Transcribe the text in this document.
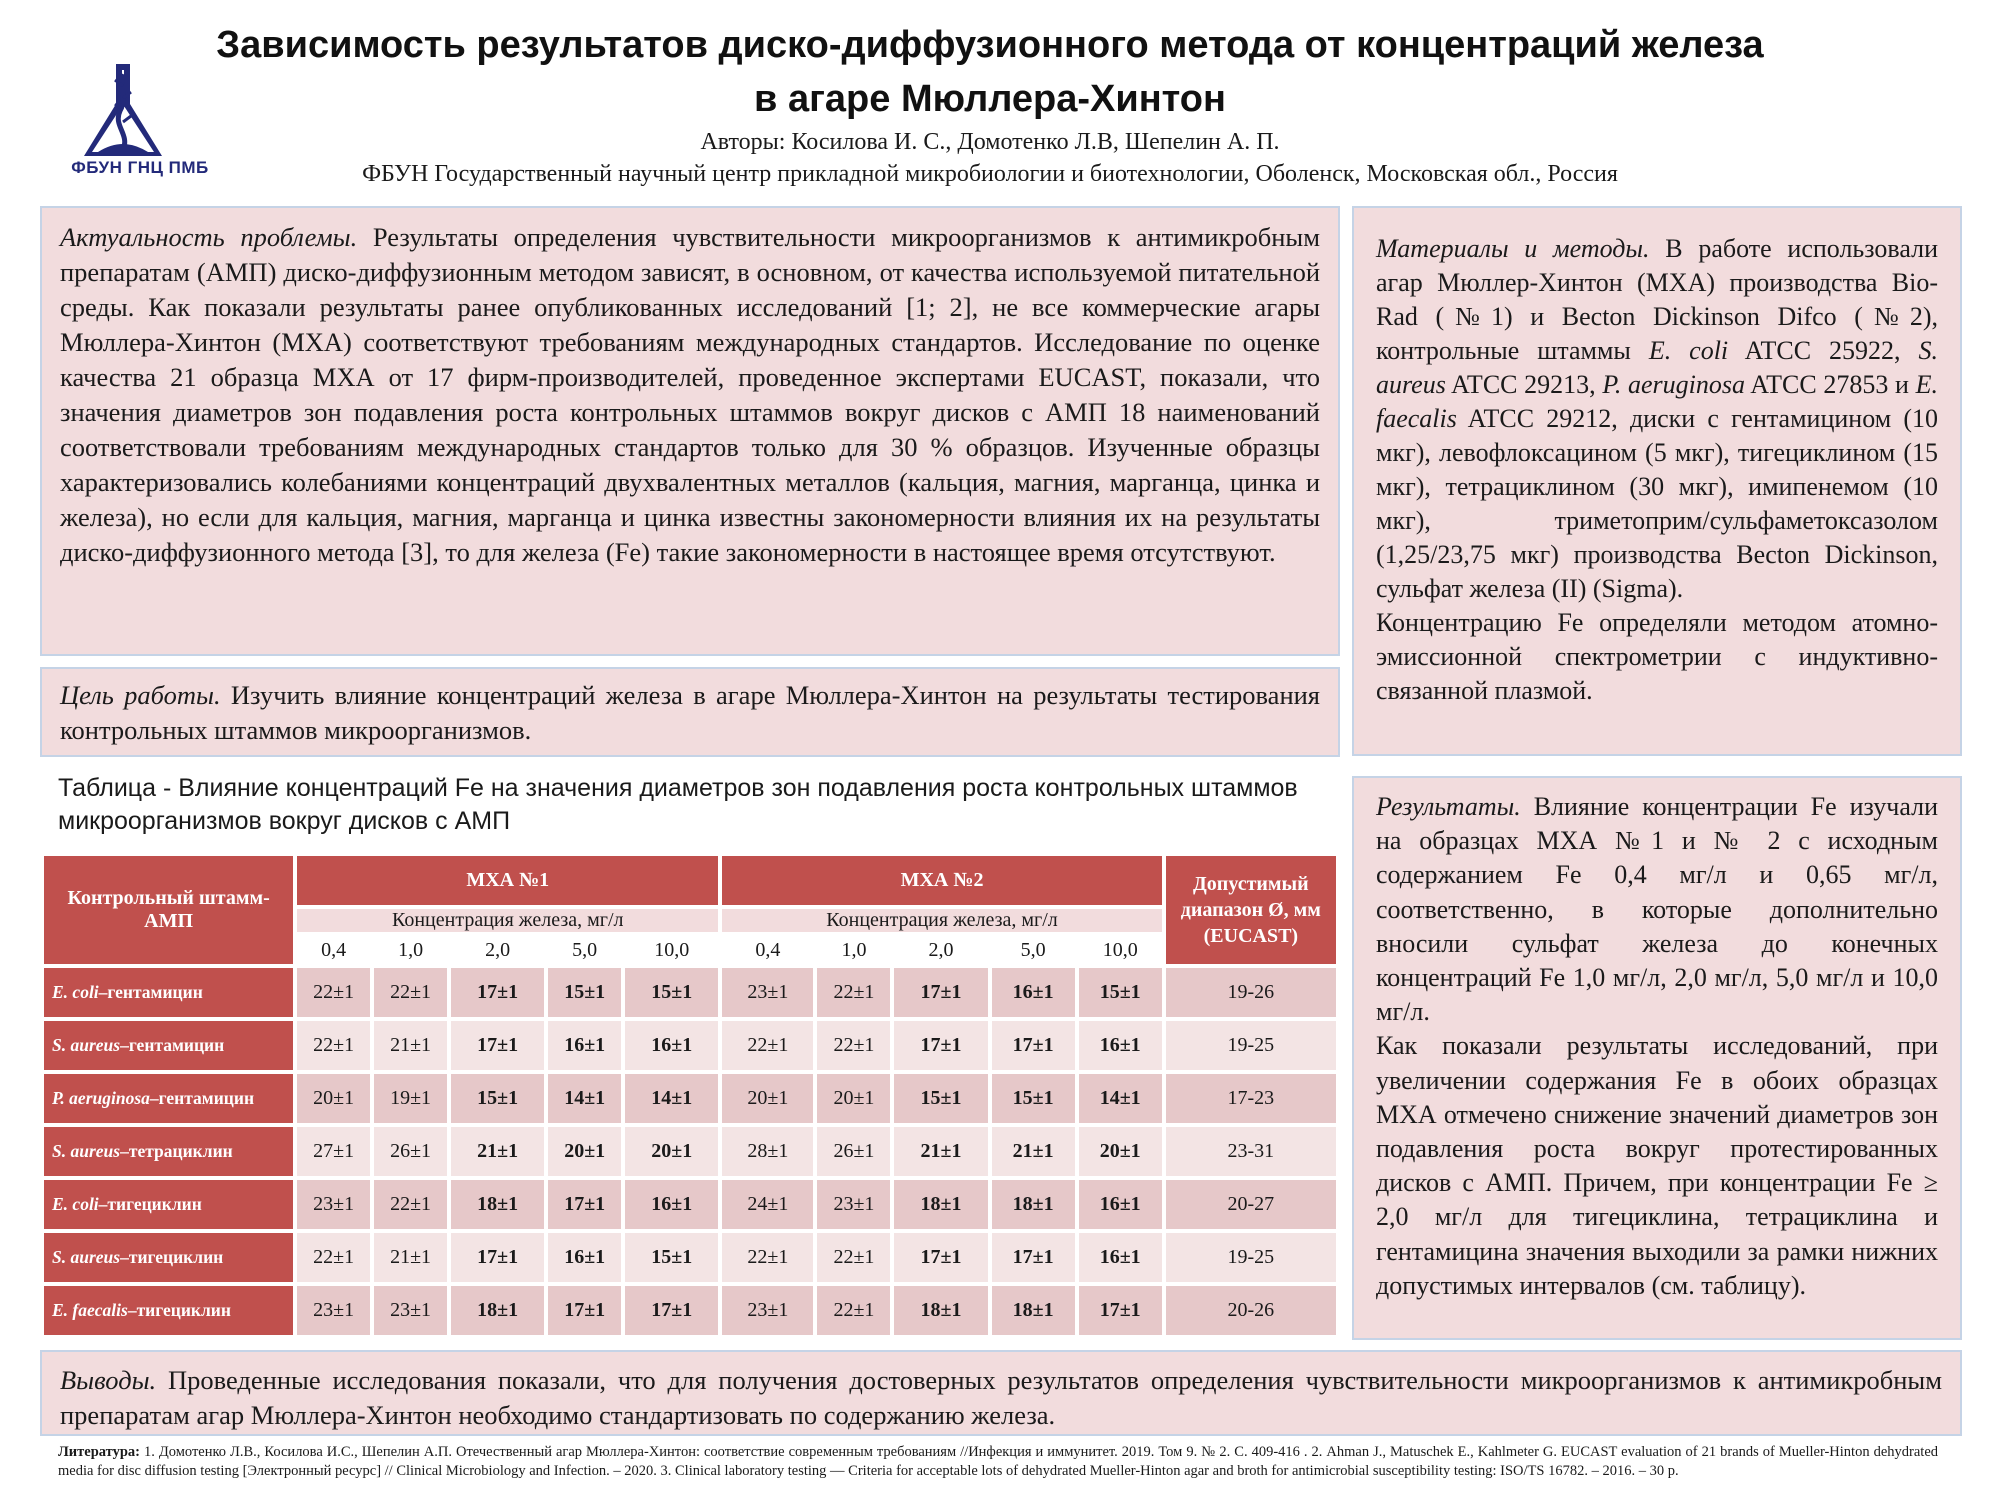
ФБУН ГНЦ ПМБ
Зависимость результатов диско-диффузионного метода от концентраций железа
в агаре Мюллера-Хинтон
Авторы: Косилова И. С., Домотенко Л.В, Шепелин А. П.
ФБУН Государственный научный центр прикладной микробиологии и биотехнологии, Оболенск, Московская обл., Россия

Актуальность проблемы. Результаты определения чувствительности микроорганизмов к антимикробным препаратам (АМП) диско-диффузионным методом зависят, в основном, от качества используемой питательной среды. Как показали результаты ранее опубликованных исследований [1; 2], не все коммерческие агары Мюллера-Хинтон (МХА) соответствуют требованиям международных стандартов. Исследование по оценке качества 21 образца МХА от 17 фирм-производителей, проведенное экспертами EUCAST, показали, что значения диаметров зон подавления роста контрольных штаммов вокруг дисков с АМП 18 наименований соответствовали требованиям международных стандартов только для 30 % образцов. Изученные образцы характеризовались колебаниями концентраций двухвалентных металлов (кальция, магния, марганца, цинка и железа), но если для кальция, магния, марганца и цинка известны закономерности влияния их на результаты диско-диффузионного метода [3], то для железа (Fe) такие закономерности в настоящее время отсутствуют.

Цель работы. Изучить влияние концентраций железа в агаре Мюллера-Хинтон на результаты тестирования контрольных штаммов микроорганизмов.

Материалы и методы. В работе использовали агар Мюллер-Хинтон (МХА) производства Bio-Rad (№1) и Becton Dickinson Difco (№2), контрольные штаммы E. coli ATCC 25922, S. aureus ATCC 29213, P. aeruginosa ATCC 27853 и E. faecalis ATCC 29212, диски с гентамицином (10 мкг), левофлоксацином (5 мкг), тигециклином (15 мкг), тетрациклином (30 мкг), имипенемом (10 мкг), триметоприм/сульфаметоксазолом (1,25/23,75 мкг) производства Becton Dickinson, сульфат железа (II) (Sigma).

Концентрацию Fe определяли методом атомно-эмиссионной спектрометрии с индуктивно-связанной плазмой.

Таблица - Влияние концентраций Fe на значения диаметров зон подавления роста контрольных штаммов микроорганизмов вокруг дисков с АМП
Контрольный штамм-АМП	МХА №1					МХА №2					Допустимый диапазон Ø, мм (EUCAST)
	Концентрация железа, мг/л					Концентрация железа, мг/л					
	0,4	1,0	2,0	5,0	10,0	0,4	1,0	2,0	5,0	10,0	
E. coli–гентамицин	22±1	22±1	17±1	15±1	15±1	23±1	22±1	17±1	16±1	15±1	19-26
S. aureus–гентамицин	22±1	21±1	17±1	16±1	16±1	22±1	22±1	17±1	17±1	16±1	19-25
P. aeruginosa–гентамицин	20±1	19±1	15±1	14±1	14±1	20±1	20±1	15±1	15±1	14±1	17-23
S. aureus–тетрациклин	27±1	26±1	21±1	20±1	20±1	28±1	26±1	21±1	21±1	20±1	23-31
E. coli–тигециклин	23±1	22±1	18±1	17±1	16±1	24±1	23±1	18±1	18±1	16±1	20-27
S. aureus–тигециклин	22±1	21±1	17±1	16±1	15±1	22±1	22±1	17±1	17±1	16±1	19-25
E. faecalis–тигециклин	23±1	23±1	18±1	17±1	17±1	23±1	22±1	18±1	18±1	17±1	20-26

Результаты. Влияние концентрации Fe изучали на образцах МХА №1 и № 2 с исходным содержанием Fe 0,4 мг/л и 0,65 мг/л, соответственно, в которые дополнительно вносили сульфат железа до конечных концентраций Fe 1,0 мг/л, 2,0 мг/л, 5,0 мг/л и 10,0 мг/л.

Как показали результаты исследований, при увеличении содержания Fe в обоих образцах МХА отмечено снижение значений диаметров зон подавления роста вокруг протестированных дисков с АМП. Причем, при концентрации Fe ≥ 2,0 мг/л для тигециклина, тетрациклина и гентамицина значения выходили за рамки нижних допустимых интервалов (см. таблицу).

Выводы. Проведенные исследования показали, что для получения достоверных результатов определения чувствительности микроорганизмов к антимикробным препаратам агар Мюллера-Хинтон необходимо стандартизовать по содержанию железа.

Литература: 1. Домотенко Л.В., Косилова И.С., Шепелин А.П. Отечественный агар Мюллера-Хинтон: соответствие современным требованиям //Инфекция и иммунитет. 2019. Том 9. № 2. С. 409-416 . 2. Ahman J., Matuschek E., Kahlmeter G. EUCAST evaluation of 21 brands of Mueller-Hinton dehydrated media for disc diffusion testing [Электронный ресурс] // Clinical Microbiology and Infection. – 2020. 3. Clinical laboratory testing — Criteria for acceptable lots of dehydrated Mueller-Hinton agar and broth for antimicrobial susceptibility testing: ISO/TS 16782. – 2016. – 30 p.
